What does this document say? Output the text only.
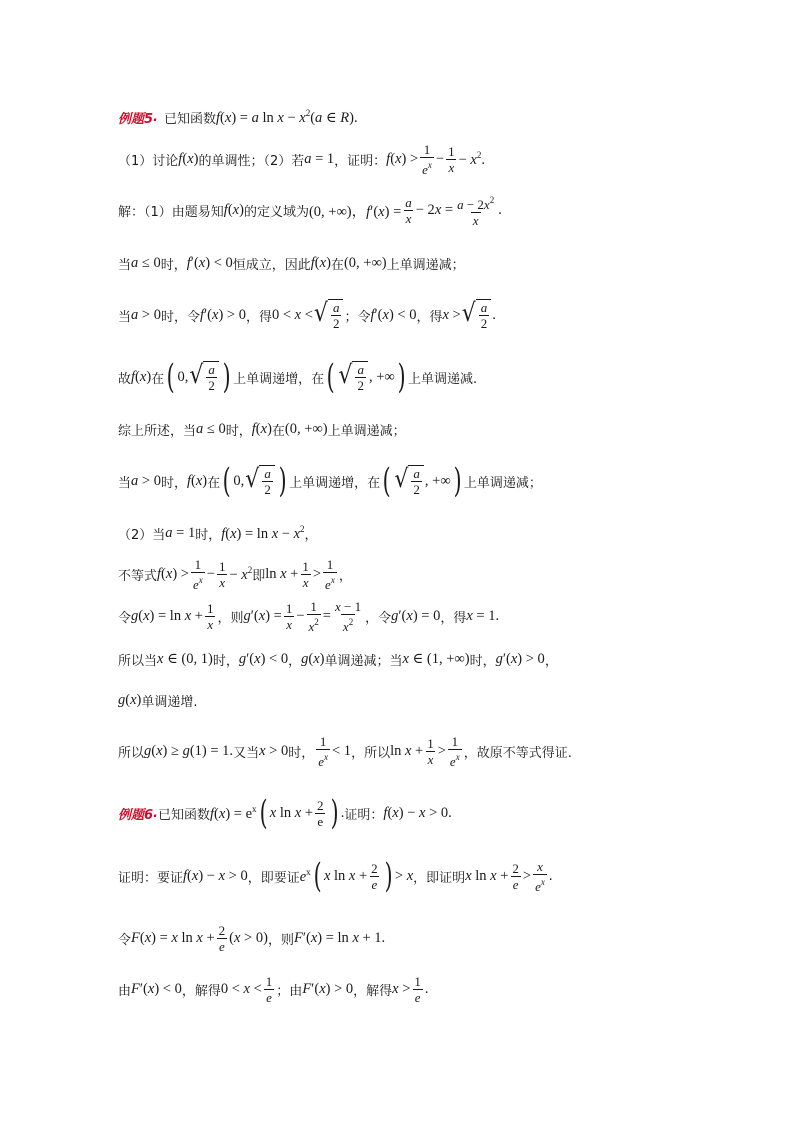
例题5 . 已知函数 f(x) = a $\ln x - x^2(a$ ∈ R).
（1）讨论 f(x) 的单调性；（2）若 a = 1 ，证明： $f(x) > \frac{1}{e^x} - \frac{1}{x} - x^2$.
解：（1）由题易知 f(x) 的定义域为 (0, +∞)，$f'(x) = \frac{a}{x} - 2x = \frac{a - 2x^2}{x}$ .
当 a ≤ 0 时， f′(x) < 0 恒成立，因此 f(x) 在 (0, +∞) 上单调递减；
当 a > 0 时，令 f′(x) > 0 ，得 0 < x < √ $\frac{a}{2}$ ；令 f′(x) < 0 ，得 x > √ $\frac{a}{2}$ .
故 f(x) 在 ( 0, √ $\frac{a}{2}$ ) 上单调递增，在 ( √ $\frac{a}{2}$ , +∞ ) 上单调递减.
综上所述，当 a ≤ 0 时， f(x) 在 (0, +∞) 上单调递减；
当 a > 0 时， f(x) 在 ( 0, √ $\frac{a}{2}$ ) 上单调递增，在 ( √ $\frac{a}{2}$ , +∞ ) 上单调递减；
（2）当 a = 1 时， $f(x) = \ln x - x^2$ ，
不等式 $f(x) > \frac{1}{e^x} - \frac{1}{x} - x^2$ 即 $\ln x + \frac{1}{x} > \frac{1}{e^x}$ ，
令 $g(x) = \ln x + \frac{1}{x}$ ，则 $g'(x) = \frac{1}{x} - \frac{1}{x^2} = \frac{x - 1}{x^2}$ ，令 g′(x) = 0 ，得 x = 1 .
所以当 x ∈ (0, 1) 时， g′(x) < 0 ， g(x) 单调递减；当 x ∈ (1, +∞) 时， g′(x) > 0 ，
g(x) 单调递增.
所以 g(x) ≥ g(1) = 1. 又当 x > 0 时， $\frac{1}{e^x} < 1$ ，所以 $\ln x + \frac{1}{x} > \frac{1}{e^x}$ ，故原不等式得证.
例题6 . 已知函数 $f(x) = e^x$ ( x $\ln x + \frac{2}{e}$ ) . 证明： f(x) − x > 0.
证明：要证 f(x) − x > 0 ，即要证 $e^x$ ( x $\ln x + \frac{2}{e}$ ) > x ，即证明 x $\ln x + \frac{2}{e} > \frac{x}{e^x}$ .
令 F(x) = x $\ln x + \frac{2}{e} (x > 0)$ ，则 F′(x) = ln x + 1.
由 F′(x) < 0 ，解得 $0 < x < \frac{1}{e}$ ；由 F′(x) > 0 ，解得 $x > \frac{1}{e}$ .
